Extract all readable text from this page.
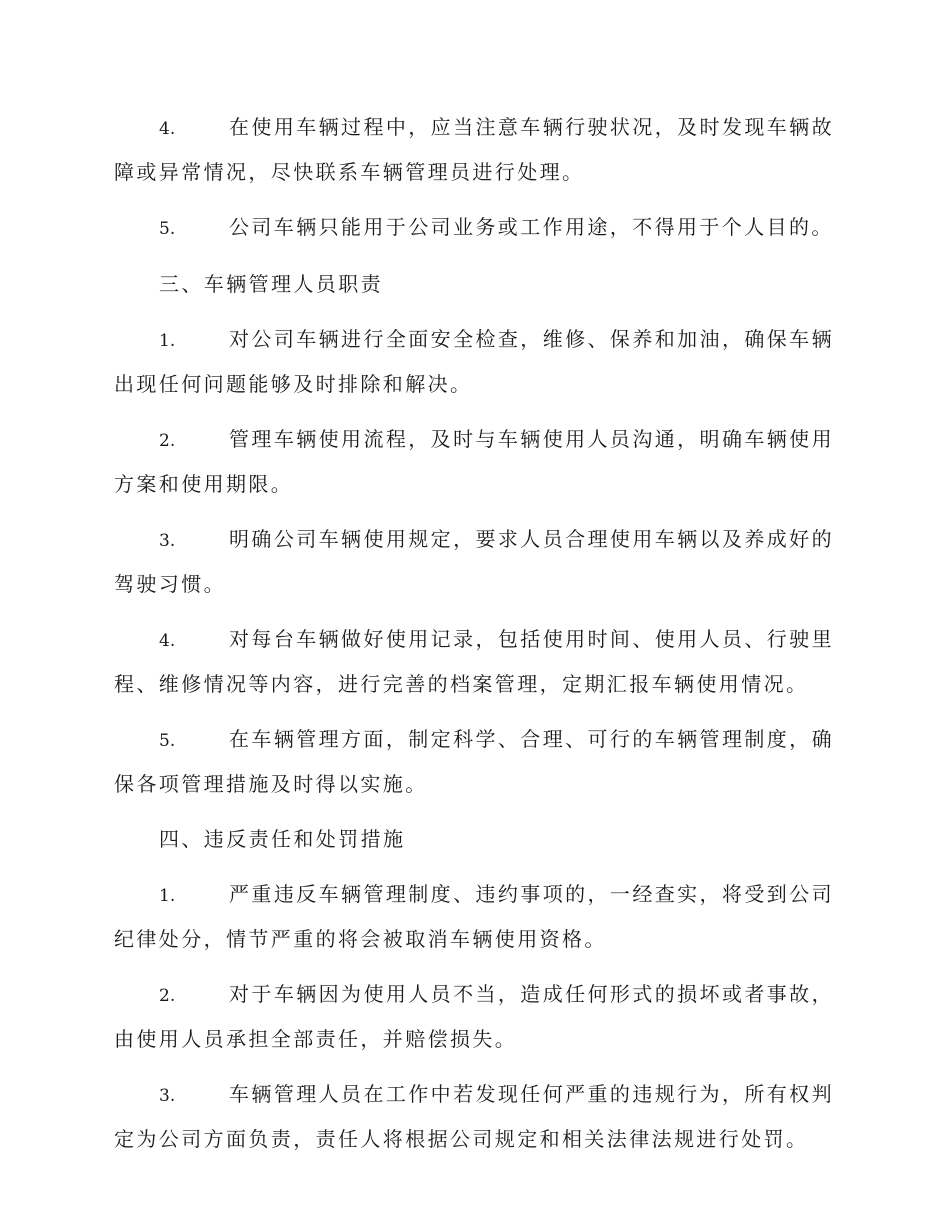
4.	在使用车辆过程中，应当注意车辆行驶状况，及时发现车辆故障或异常情况，尽快联系车辆管理员进行处理。

5.	公司车辆只能用于公司业务或工作用途，不得用于个人目的。

三、车辆管理人员职责

1.	对公司车辆进行全面安全检查，维修、保养和加油，确保车辆出现任何问题能够及时排除和解决。

2.	管理车辆使用流程，及时与车辆使用人员沟通，明确车辆使用方案和使用期限。

3.	明确公司车辆使用规定，要求人员合理使用车辆以及养成好的驾驶习惯。

4.	对每台车辆做好使用记录，包括使用时间、使用人员、行驶里程、维修情况等内容，进行完善的档案管理，定期汇报车辆使用情况。

5.	在车辆管理方面，制定科学、合理、可行的车辆管理制度，确保各项管理措施及时得以实施。

四、违反责任和处罚措施

1.	严重违反车辆管理制度、违约事项的，一经查实，将受到公司纪律处分，情节严重的将会被取消车辆使用资格。

2.	对于车辆因为使用人员不当，造成任何形式的损坏或者事故，由使用人员承担全部责任，并赔偿损失。

3.	车辆管理人员在工作中若发现任何严重的违规行为，所有权判定为公司方面负责，责任人将根据公司规定和相关法律法规进行处罚。
